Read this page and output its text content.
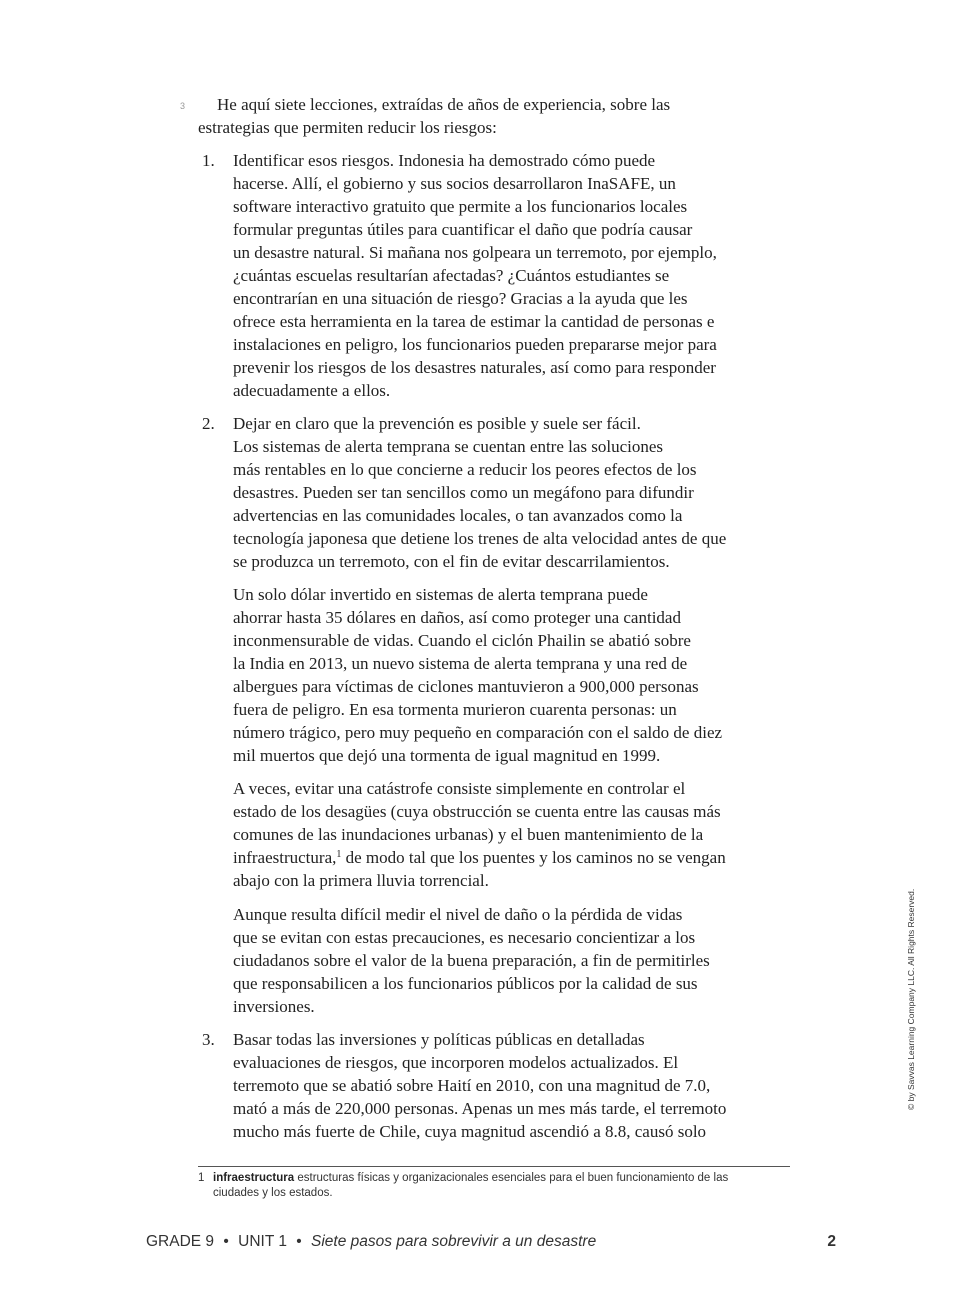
3	He aquí siete lecciones, extraídas de años de experiencia, sobre las
estrategias que permiten reducir los riesgos:
1. Identificar esos riesgos. Indonesia ha demostrado cómo puede
hacerse. Allí, el gobierno y sus socios desarrollaron InaSAFE, un
software interactivo gratuito que permite a los funcionarios locales
formular preguntas útiles para cuantificar el daño que podría causar
un desastre natural. Si mañana nos golpeara un terremoto, por ejemplo,
¿cuántas escuelas resultarían afectadas? ¿Cuántos estudiantes se
encontrarían en una situación de riesgo? Gracias a la ayuda que les
ofrece esta herramienta en la tarea de estimar la cantidad de personas e
instalaciones en peligro, los funcionarios pueden prepararse mejor para
prevenir los riesgos de los desastres naturales, así como para responder
adecuadamente a ellos.
2. Dejar en claro que la prevención es posible y suele ser fácil.
Los sistemas de alerta temprana se cuentan entre las soluciones
más rentables en lo que concierne a reducir los peores efectos de los
desastres. Pueden ser tan sencillos como un megáfono para difundir
advertencias en las comunidades locales, o tan avanzados como la
tecnología japonesa que detiene los trenes de alta velocidad antes de que
se produzca un terremoto, con el fin de evitar descarrilamientos.
Un solo dólar invertido en sistemas de alerta temprana puede
ahorrar hasta 35 dólares en daños, así como proteger una cantidad
inconmensurable de vidas. Cuando el ciclón Phailin se abatió sobre
la India en 2013, un nuevo sistema de alerta temprana y una red de
albergues para víctimas de ciclones mantuvieron a 900,000 personas
fuera de peligro. En esa tormenta murieron cuarenta personas: un
número trágico, pero muy pequeño en comparación con el saldo de diez
mil muertos que dejó una tormenta de igual magnitud en 1999.
A veces, evitar una catástrofe consiste simplemente en controlar el
estado de los desagües (cuya obstrucción se cuenta entre las causas más
comunes de las inundaciones urbanas) y el buen mantenimiento de la
infraestructura,$^1$ de modo tal que los puentes y los caminos no se vengan
abajo con la primera lluvia torrencial.
Aunque resulta difícil medir el nivel de daño o la pérdida de vidas
que se evitan con estas precauciones, es necesario concientizar a los
ciudadanos sobre el valor de la buena preparación, a fin de permitirles
que responsabilicen a los funcionarios públicos por la calidad de sus
inversiones.
3. Basar todas las inversiones y políticas públicas en detalladas
evaluaciones de riesgos, que incorporen modelos actualizados. El
terremoto que se abatió sobre Haití en 2010, con una magnitud de 7.0,
mató a más de 220,000 personas. Apenas un mes más tarde, el terremoto
mucho más fuerte de Chile, cuya magnitud ascendió a 8.8, causó solo
1 infraestructura estructuras físicas y organizacionales esenciales para el buen funcionamiento de las
ciudades y los estados.
GRADE 9 • UNIT 1 • Siete pasos para sobrevivir a un desastre	2
© by Savvas Learning Company LLC. All Rights Reserved.
